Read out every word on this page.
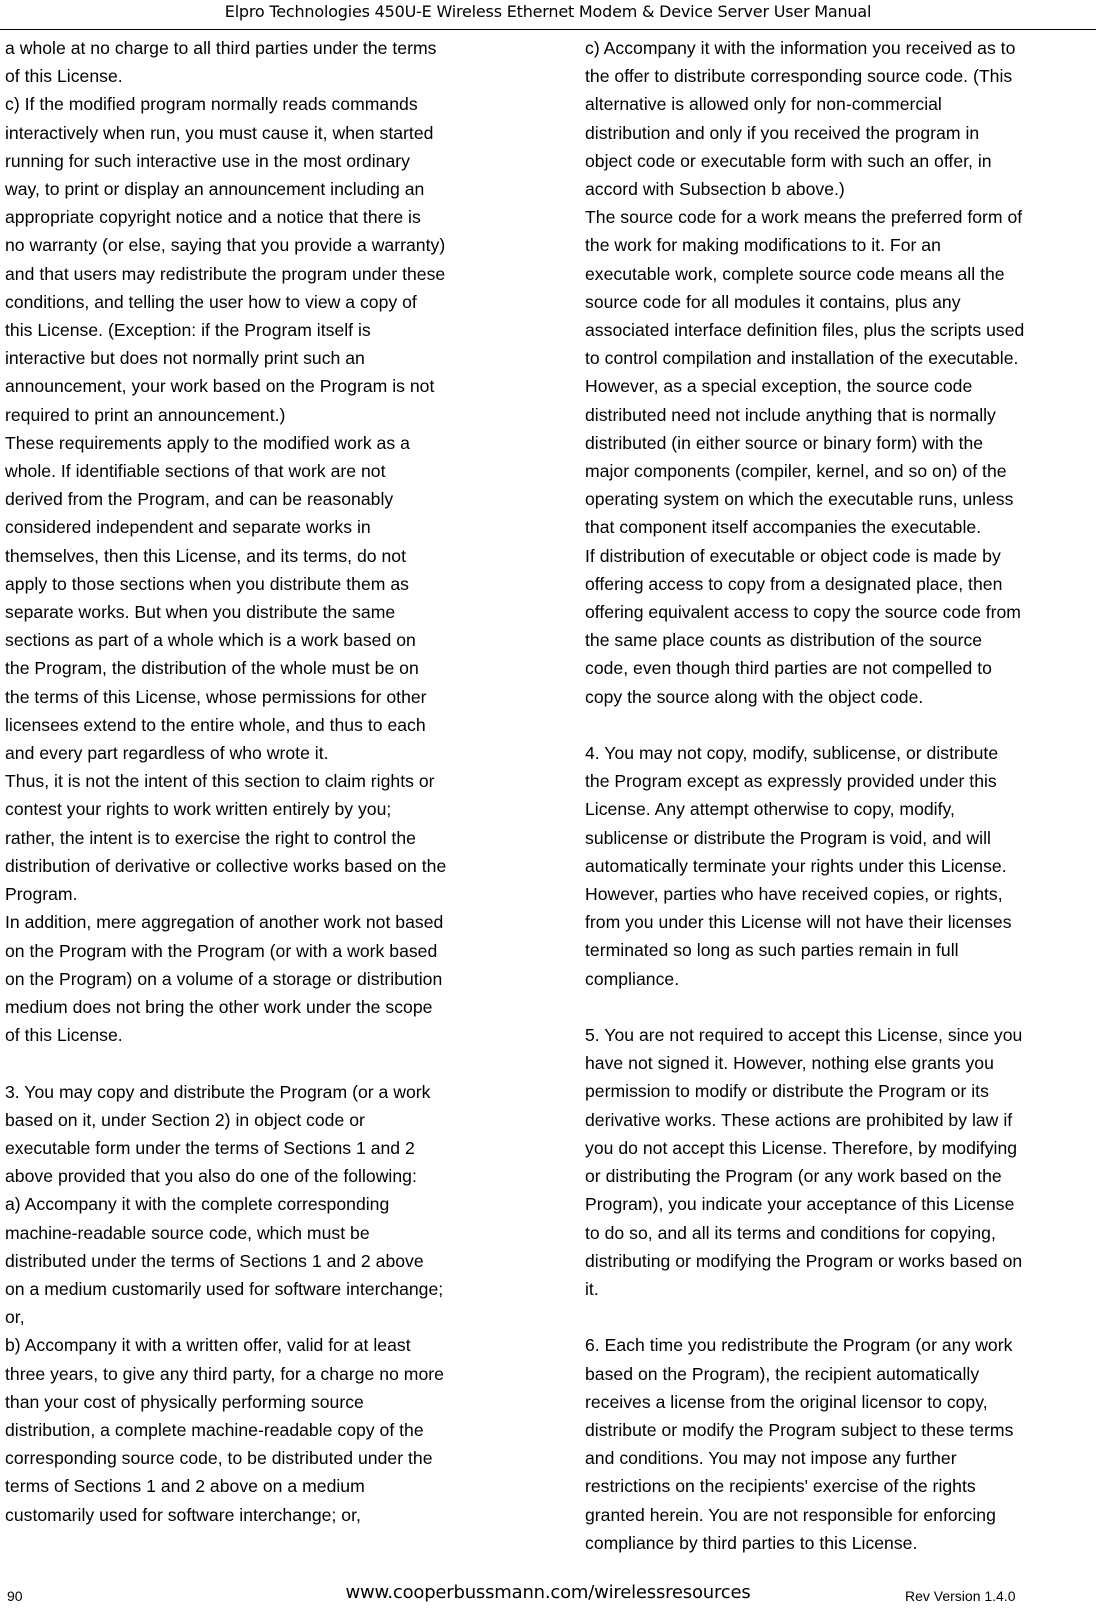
Elpro Technologies 450U-E Wireless Ethernet Modem & Device Server User Manual

a whole at no charge to all third parties under the terms

of this License.

c) If the modified program normally reads commands

interactively when run, you must cause it, when started

running for such interactive use in the most ordinary

way, to print or display an announcement including an

appropriate copyright notice and a notice that there is

no warranty (or else, saying that you provide a warranty)

and that users may redistribute the program under these

conditions, and telling the user how to view a copy of

this License. (Exception: if the Program itself is

interactive but does not normally print such an

announcement, your work based on the Program is not

required to print an announcement.)

These requirements apply to the modified work as a

whole. If identifiable sections of that work are not

derived from the Program, and can be reasonably

considered independent and separate works in

themselves, then this License, and its terms, do not

apply to those sections when you distribute them as

separate works. But when you distribute the same

sections as part of a whole which is a work based on

the Program, the distribution of the whole must be on

the terms of this License, whose permissions for other

licensees extend to the entire whole, and thus to each

and every part regardless of who wrote it.

Thus, it is not the intent of this section to claim rights or

contest your rights to work written entirely by you;

rather, the intent is to exercise the right to control the

distribution of derivative or collective works based on the

Program.

In addition, mere aggregation of another work not based

on the Program with the Program (or with a work based

on the Program) on a volume of a storage or distribution

medium does not bring the other work under the scope

of this License.

3. You may copy and distribute the Program (or a work

based on it, under Section 2) in object code or

executable form under the terms of Sections 1 and 2

above provided that you also do one of the following:

a) Accompany it with the complete corresponding

machine-readable source code, which must be

distributed under the terms of Sections 1 and 2 above

on a medium customarily used for software interchange;

or,

b) Accompany it with a written offer, valid for at least

three years, to give any third party, for a charge no more

than your cost of physically performing source

distribution, a complete machine-readable copy of the

corresponding source code, to be distributed under the

terms of Sections 1 and 2 above on a medium

customarily used for software interchange; or,

c) Accompany it with the information you received as to

the offer to distribute corresponding source code. (This

alternative is allowed only for non-commercial

distribution and only if you received the program in

object code or executable form with such an offer, in

accord with Subsection b above.)

The source code for a work means the preferred form of

the work for making modifications to it. For an

executable work, complete source code means all the

source code for all modules it contains, plus any

associated interface definition files, plus the scripts used

to control compilation and installation of the executable.

However, as a special exception, the source code

distributed need not include anything that is normally

distributed (in either source or binary form) with the

major components (compiler, kernel, and so on) of the

operating system on which the executable runs, unless

that component itself accompanies the executable.

If distribution of executable or object code is made by

offering access to copy from a designated place, then

offering equivalent access to copy the source code from

the same place counts as distribution of the source

code, even though third parties are not compelled to

copy the source along with the object code.

4. You may not copy, modify, sublicense, or distribute

the Program except as expressly provided under this

License. Any attempt otherwise to copy, modify,

sublicense or distribute the Program is void, and will

automatically terminate your rights under this License.

However, parties who have received copies, or rights,

from you under this License will not have their licenses

terminated so long as such parties remain in full

compliance.

5. You are not required to accept this License, since you

have not signed it. However, nothing else grants you

permission to modify or distribute the Program or its

derivative works. These actions are prohibited by law if

you do not accept this License. Therefore, by modifying

or distributing the Program (or any work based on the

Program), you indicate your acceptance of this License

to do so, and all its terms and conditions for copying,

distributing or modifying the Program or works based on

it.

6. Each time you redistribute the Program (or any work

based on the Program), the recipient automatically

receives a license from the original licensor to copy,

distribute or modify the Program subject to these terms

and conditions. You may not impose any further

restrictions on the recipients' exercise of the rights

granted herein. You are not responsible for enforcing

compliance by third parties to this License.

90	www.cooperbussmann.com/wirelessresources	Rev Version 1.4.0
